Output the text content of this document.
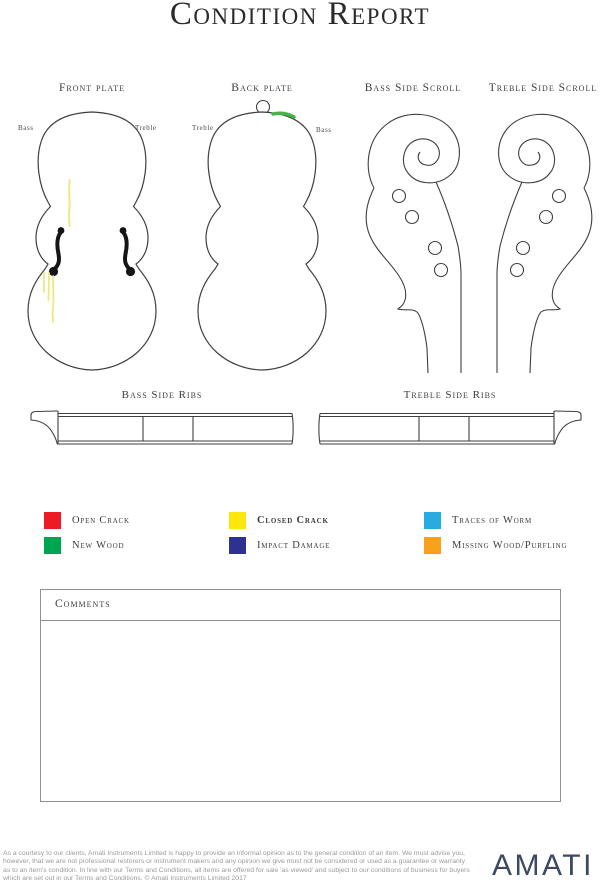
Condition Report
Front plate	Back plate	Bass Side Scroll	Treble Side Scroll
Bass	Treble	Treble	Bass
Bass Side Ribs	Treble Side Ribs
Open Crack	Closed Crack	Traces of Worm
New Wood	Impact Damage	Missing Wood/Purfling
Comments
As a courtesy to our clients, Amati Instruments Limited is happy to provide an informal opinion as to the general condition of an item. We must advise you, however, that we are not professional restorers or instrument makers and any opinion we give must not be considered or used as a guarantee or warranty as to an item's condition. In line with our Terms and Conditions, all items are offered for sale 'as viewed' and subject to our conditions of business for buyers which are set out in our Terms and Conditions. © Amati Instruments Limited 2017	AMATI
